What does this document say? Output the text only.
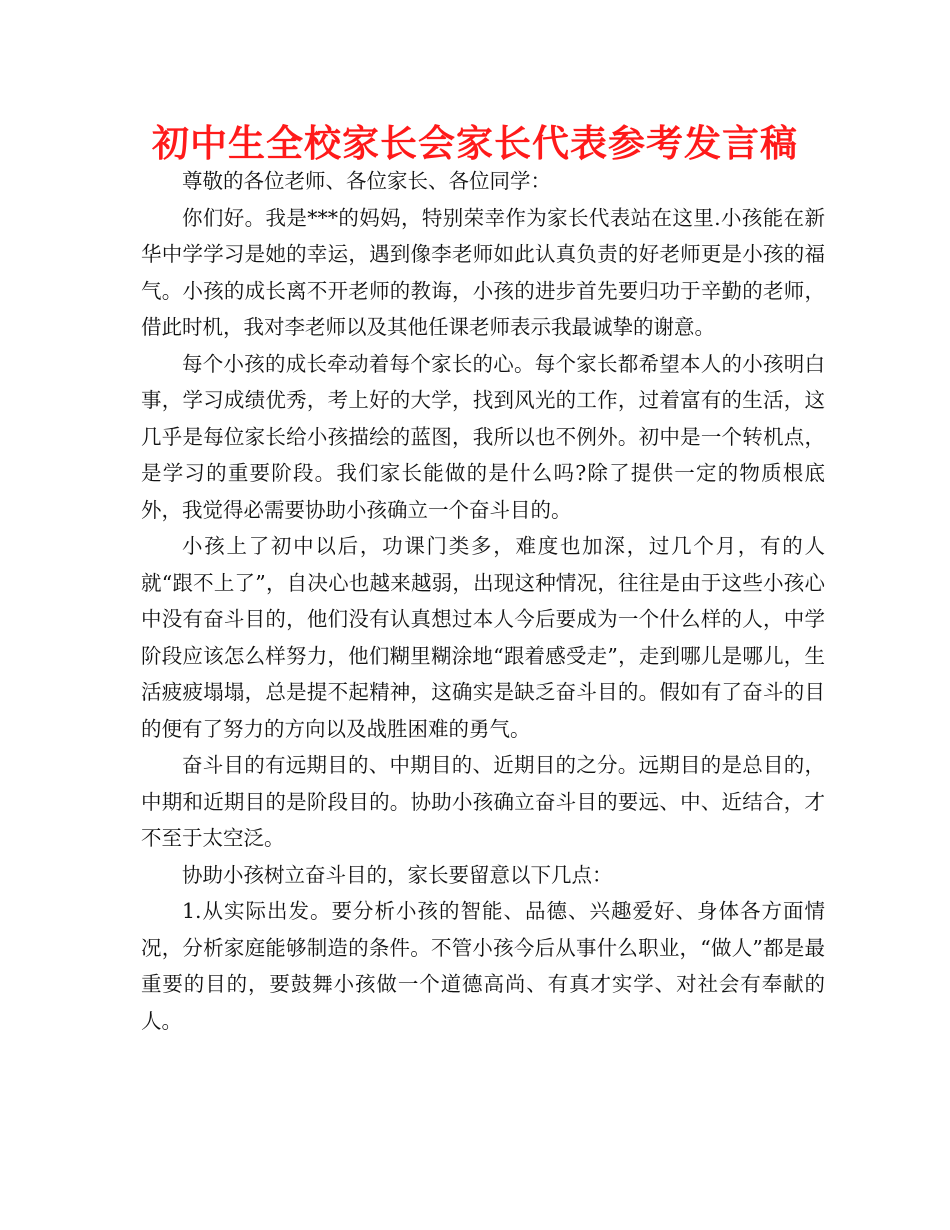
初中生全校家长会家长代表参考发言稿

尊敬的各位老师、各位家长、各位同学：

你们好。我是***的妈妈，特别荣幸作为家长代表站在这里.小孩能在新华中学学习是她的幸运，遇到像李老师如此认真负责的好老师更是小孩的福气。小孩的成长离不开老师的教诲，小孩的进步首先要归功于辛勤的老师，借此时机，我对李老师以及其他任课老师表示我最诚挚的谢意。

每个小孩的成长牵动着每个家长的心。每个家长都希望本人的小孩明白事，学习成绩优秀，考上好的大学，找到风光的工作，过着富有的生活，这几乎是每位家长给小孩描绘的蓝图，我所以也不例外。初中是一个转机点，是学习的重要阶段。我们家长能做的是什么吗?除了提供一定的物质根底外，我觉得必需要协助小孩确立一个奋斗目的。

小孩上了初中以后，功课门类多，难度也加深，过几个月，有的人就“跟不上了”，自决心也越来越弱，出现这种情况，往往是由于这些小孩心中没有奋斗目的，他们没有认真想过本人今后要成为一个什么样的人，中学阶段应该怎么样努力，他们糊里糊涂地“跟着感受走”，走到哪儿是哪儿，生活疲疲塌塌，总是提不起精神，这确实是缺乏奋斗目的。假如有了奋斗的目的便有了努力的方向以及战胜困难的勇气。

奋斗目的有远期目的、中期目的、近期目的之分。远期目的是总目的，中期和近期目的是阶段目的。协助小孩确立奋斗目的要远、中、近结合，才不至于太空泛。

协助小孩树立奋斗目的，家长要留意以下几点：

1.从实际出发。要分析小孩的智能、品德、兴趣爱好、身体各方面情况，分析家庭能够制造的条件。不管小孩今后从事什么职业，“做人”都是最重要的目的，要鼓舞小孩做一个道德高尚、有真才实学、对社会有奉献的人。
